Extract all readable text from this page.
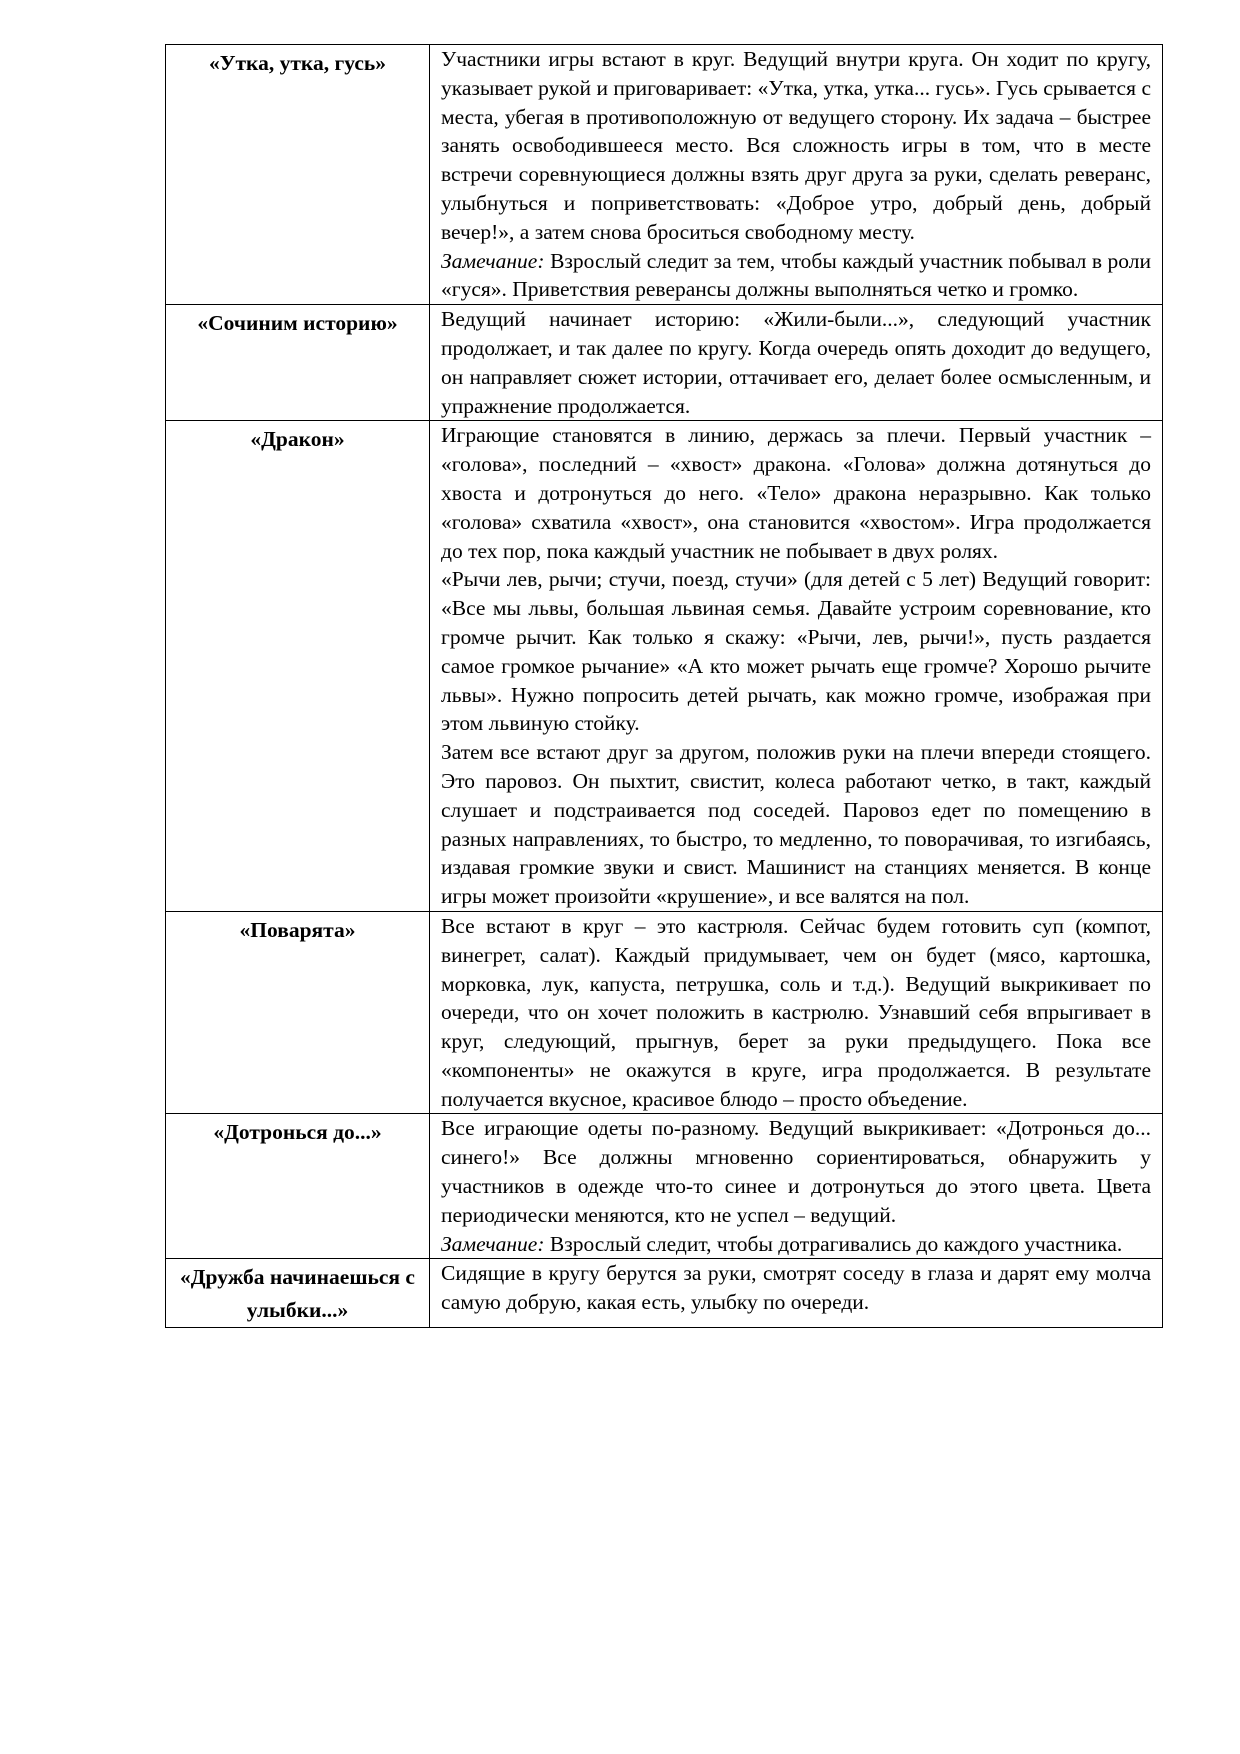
«Утка, утка, гусь»	Участники игры встают в круг. Ведущий внутри круга. Он ходит по кругу, указывает рукой и приговаривает: «Утка, утка, утка... гусь». Гусь срывается с места, убегая в противоположную от ведущего сторону. Их задача – быстрее занять освободившееся место. Вся сложность игры в том, что в месте встречи соревнующиеся должны взять друг друга за руки, сделать реверанс, улыбнуться и поприветствовать: «Доброе утро, добрый день, добрый вечер!», а затем снова броситься свободному месту.
Замечание: Взрослый следит за тем, чтобы каждый участник побывал в роли «гуся». Приветствия реверансы должны выполняться четко и громко.

«Сочиним историю»	Ведущий начинает историю: «Жили-были...», следующий участник продолжает, и так далее по кругу. Когда очередь опять доходит до ведущего, он направляет сюжет истории, оттачивает его, делает более осмысленным, и упражнение продолжается.

«Дракон»	Играющие становятся в линию, держась за плечи. Первый участник – «голова», последний – «хвост» дракона. «Голова» должна дотянуться до хвоста и дотронуться до него. «Тело» дракона неразрывно. Как только «голова» схватила «хвост», она становится «хвостом». Игра продолжается до тех пор, пока каждый участник не побывает в двух ролях.
«Рычи лев, рычи; стучи, поезд, стучи» (для детей с 5 лет) Ведущий говорит: «Все мы львы, большая львиная семья. Давайте устроим соревнование, кто громче рычит. Как только я скажу: «Рычи, лев, рычи!», пусть раздается самое громкое рычание» «А кто может рычать еще громче? Хорошо рычите львы». Нужно попросить детей рычать, как можно громче, изображая при этом львиную стойку.
Затем все встают друг за другом, положив руки на плечи впереди стоящего. Это паровоз. Он пыхтит, свистит, колеса работают четко, в такт, каждый слушает и подстраивается под соседей. Паровоз едет по помещению в разных направлениях, то быстро, то медленно, то поворачивая, то изгибаясь, издавая громкие звуки и свист. Машинист на станциях меняется. В конце игры может произойти «крушение», и все валятся на пол.

«Поварята»	Все встают в круг – это кастрюля. Сейчас будем готовить суп (компот, винегрет, салат). Каждый придумывает, чем он будет (мясо, картошка, морковка, лук, капуста, петрушка, соль и т.д.). Ведущий выкрикивает по очереди, что он хочет положить в кастрюлю. Узнавший себя впрыгивает в круг, следующий, прыгнув, берет за руки предыдущего. Пока все «компоненты» не окажутся в круге, игра продолжается. В результате получается вкусное, красивое блюдо – просто объедение.

«Дотронься до...»	Все играющие одеты по-разному. Ведущий выкрикивает: «Дотронься до... синего!» Все должны мгновенно сориентироваться, обнаружить у участников в одежде что-то синее и дотронуться до этого цвета. Цвета периодически меняются, кто не успел – ведущий.
Замечание: Взрослый следит, чтобы дотрагивались до каждого участника.

«Дружба начинаешься с улыбки...»	Сидящие в кругу берутся за руки, смотрят соседу в глаза и дарят ему молча самую добрую, какая есть, улыбку по очереди.
